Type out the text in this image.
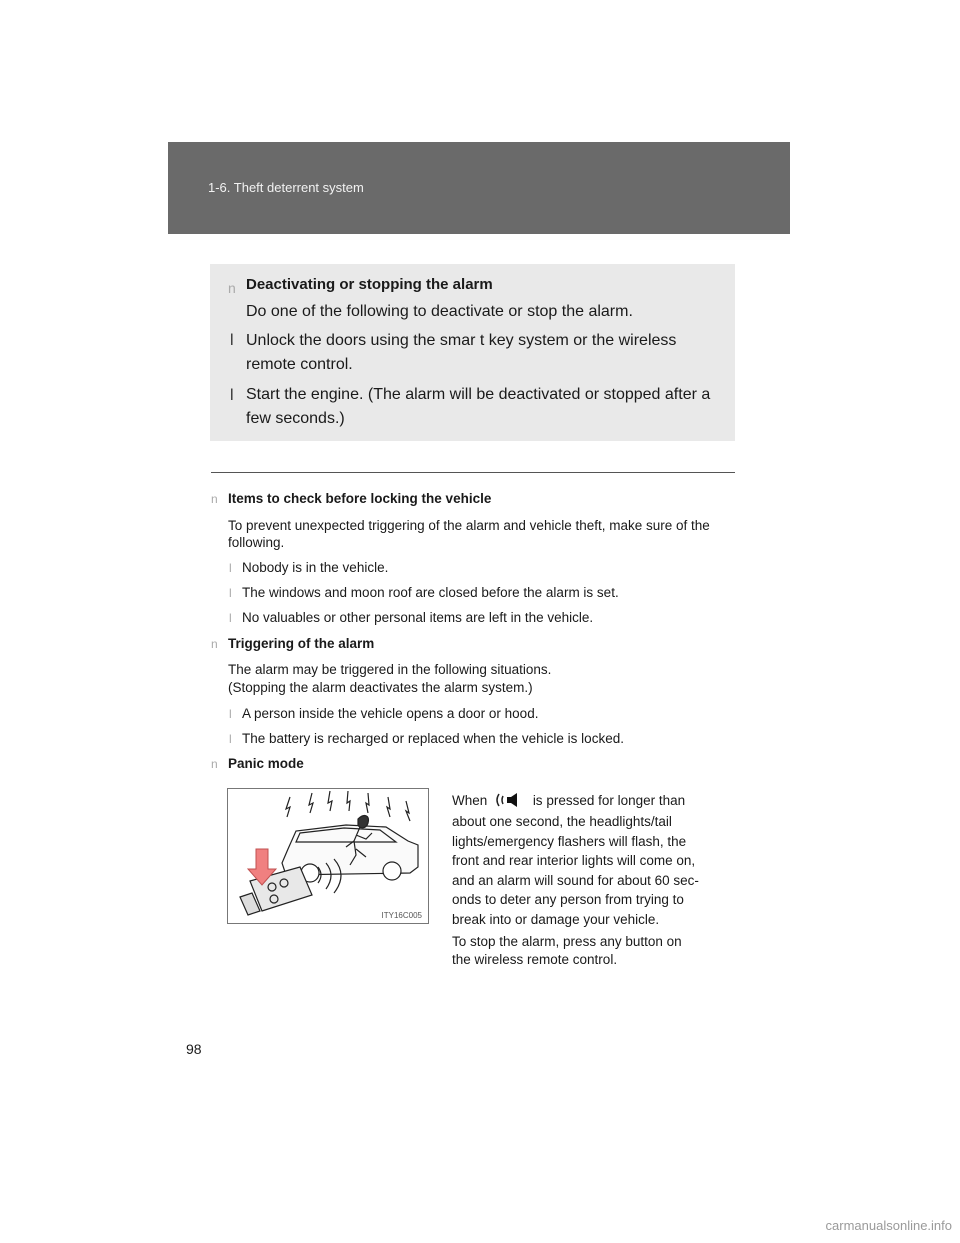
1-6. Theft deterrent system
n Deactivating or stopping the alarm
Do one of the following to deactivate or stop the alarm.
l Unlock the doors using the smar t key system or the wireless remote control.
l Start the engine. (The alarm will be deactivated or stopped after a few seconds.)
n Items to check before locking the vehicle
To prevent unexpected triggering of the alarm and vehicle theft, make sure of the following.
l Nobody is in the vehicle.
l The windows and moon roof are closed before the alarm is set.
l No valuables or other personal items are left in the vehicle.
n Triggering of the alarm
The alarm may be triggered in the following situations.
(Stopping the alarm deactivates the alarm system.)
l A person inside the vehicle opens a door or hood.
l The battery is recharged or replaced when the vehicle is locked.
n Panic mode
ITY16C005
When	is pressed for longer than
about one second, the headlights/tail
lights/emergency flashers will flash, the
front and rear interior lights will come on,
and an alarm will sound for about 60 sec-
onds to deter any person from trying to
break into or damage your vehicle.
To stop the alarm, press any button on
the wireless remote control.
98
carmanualsonline.info
